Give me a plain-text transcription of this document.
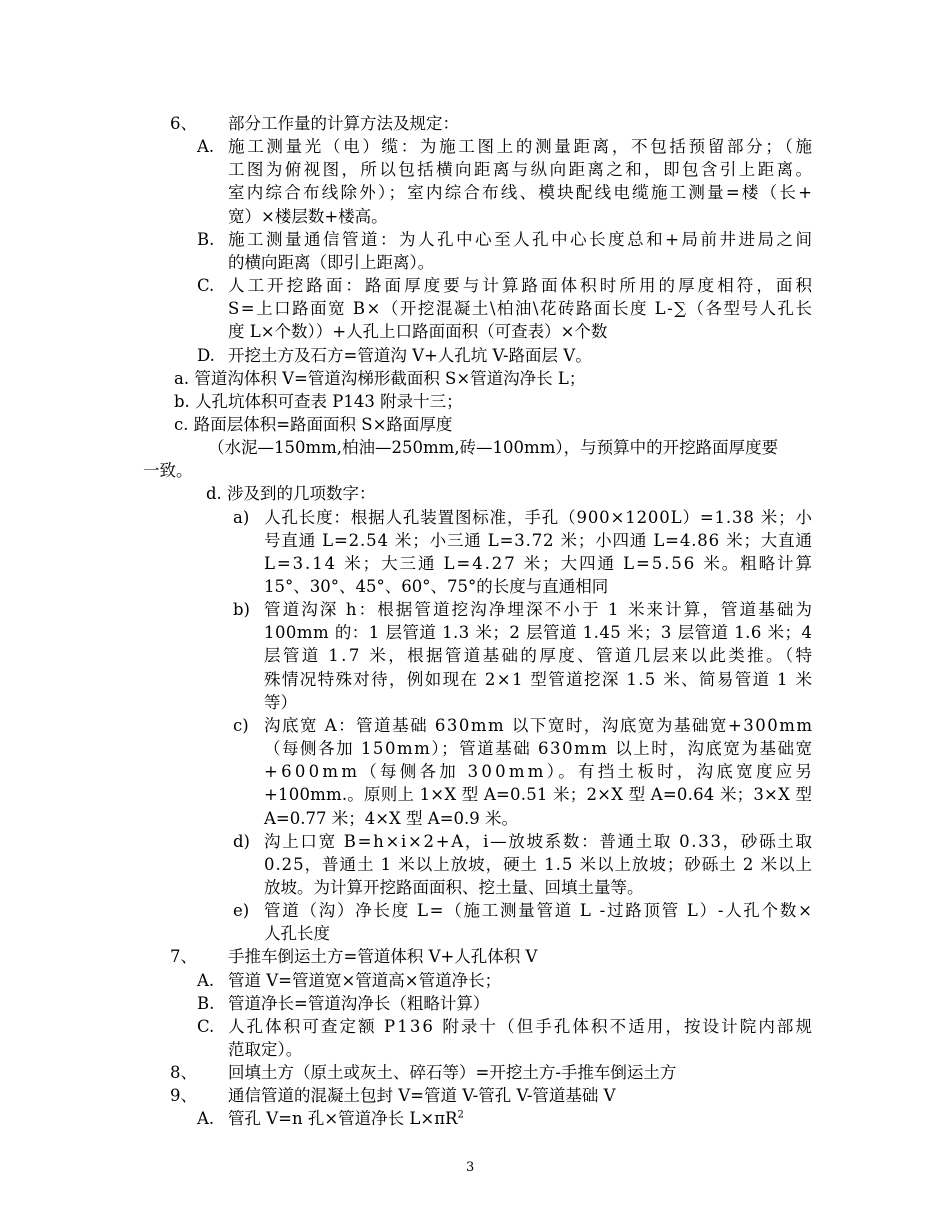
6、 部分工作量的计算方法及规定：
A. 施工测量光（电）缆：为施工图上的测量距离，不包括预留部分；（施
工图为俯视图，所以包括横向距离与纵向距离之和，即包含引上距离。
室内综合布线除外）；室内综合布线、模块配线电缆施工测量=楼（长+
宽）×楼层数+楼高。
B. 施工测量通信管道：为人孔中心至人孔中心长度总和+局前井进局之间
的横向距离（即引上距离）。
C. 人工开挖路面：路面厚度要与计算路面体积时所用的厚度相符，面积
S=上口路面宽 B×（开挖混凝土\柏油\花砖路面长度 L-∑（各型号人孔长
度 L×个数））+人孔上口路面面积（可查表）×个数
D. 开挖土方及石方=管道沟 V+人孔坑 V-路面层 V。
a. 管道沟体积 V=管道沟梯形截面积 S×管道沟净长 L；
b. 人孔坑体积可查表 P143 附录十三；
c. 路面层体积=路面面积 S×路面厚度
（水泥—150mm,柏油—250mm,砖—100mm），与预算中的开挖路面厚度要
一致。
d. 涉及到的几项数字：
a) 人孔长度：根据人孔装置图标准，手孔（900×1200L）=1.38 米；小
号直通 L=2.54 米；小三通 L=3.72 米；小四通 L=4.86 米；大直通
L=3.14 米；大三通 L=4.27 米；大四通 L=5.56 米。粗略计算
15°、30°、45°、60°、75°的长度与直通相同
b) 管道沟深 h：根据管道挖沟净埋深不小于 1 米来计算，管道基础为
100mm 的：1 层管道 1.3 米；2 层管道 1.45 米；3 层管道 1.6 米；4
层管道 1.7 米，根据管道基础的厚度、管道几层来以此类推。（特
殊情况特殊对待，例如现在 2×1 型管道挖深 1.5 米、简易管道 1 米
等）
c) 沟底宽 A：管道基础 630mm 以下宽时，沟底宽为基础宽+300mm
（每侧各加 150mm）；管道基础 630mm 以上时，沟底宽为基础宽
+600mm（每侧各加 300mm）。有挡土板时，沟底宽度应另
+100mm.。原则上 1×X 型 A=0.51 米；2×X 型 A=0.64 米；3×X 型
A=0.77 米；4×X 型 A=0.9 米。
d) 沟上口宽 B=h×i×2+A，i—放坡系数：普通土取 0.33，砂砾土取
0.25，普通土 1 米以上放坡，硬土 1.5 米以上放坡；砂砾土 2 米以上
放坡。为计算开挖路面面积、挖土量、回填土量等。
e) 管道（沟）净长度 L=（施工测量管道 L -过路顶管 L）-人孔个数×
人孔长度
7、 手推车倒运土方=管道体积 V+人孔体积 V
A. 管道 V=管道宽×管道高×管道净长；
B. 管道净长=管道沟净长（粗略计算）
C. 人孔体积可查定额 P136 附录十（但手孔体积不适用，按设计院内部规
范取定）。
8、 回填土方（原土或灰土、碎石等）=开挖土方-手推车倒运土方
9、 通信管道的混凝土包封 V=管道 V-管孔 V-管道基础 V
A. 管孔 V=n 孔×管道净长 $L\times\pi R^2$
3
